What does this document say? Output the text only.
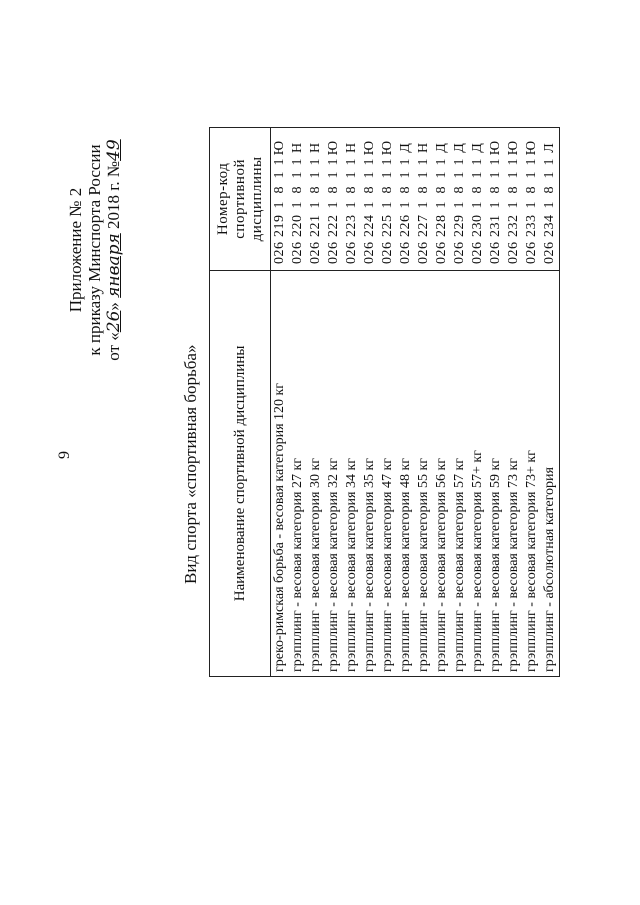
9
Приложение № 2 к приказу Минспорта России от «26» января 2018 г. №49
Вид спорта «спортивная борьба» Наименование спортивной дисциплины	Номер-код спортивной дисциплины
греко-римская борьба - весовая категория 120 кг	0262191811Ю
грэпплинг - весовая категория 27 кг	0262201811Н
грэпплинг - весовая категория 30 кг	0262211811Н
грэпплинг - весовая категория 32 кг	0262221811Ю
грэпплинг - весовая категория 34 кг	0262231811Н
грэпплинг - весовая категория 35 кг	0262241811Ю
грэпплинг - весовая категория 47 кг	0262251811Ю
грэпплинг - весовая категория 48 кг	0262261811Д
грэпплинг - весовая категория 55 кг	0262271811Н
грэпплинг - весовая категория 56 кг	0262281811Д
грэпплинг - весовая категория 57 кг	0262291811Д
грэпплинг - весовая категория 57+ кг	0262301811Д
грэпплинг - весовая категория 59 кг	0262311811Ю
грэпплинг - весовая категория 73 кг	0262321811Ю
грэпплинг - весовая категория 73+ кг	0262331811Ю
грэпплинг - абсолютная категория	0262341811Л
